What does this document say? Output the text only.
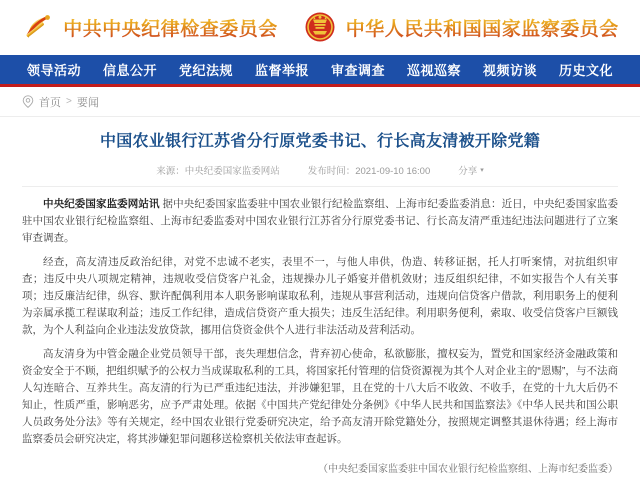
中共中央纪律检查委员会	中华人民共和国国家监察委员会
领导活动 信息公开 党纪法规 监督举报 审查调查 巡视巡察 视频访谈 历史文化
首页 > 要闻
中国农业银行江苏省分行原党委书记、行长高友清被开除党籍
来源：中央纪委国家监委网站	发布时间：2021-09-10 16:00	分享 ▾

中央纪委国家监委网站讯 据中央纪委国家监委驻中国农业银行纪检监察组、上海市纪委监委消息：近日，中央纪委国家监委驻中国农业银行纪检监察组、上海市纪委监委对中国农业银行江苏省分行原党委书记、行长高友清严重违纪违法问题进行了立案审查调查。

经查，高友清违反政治纪律，对党不忠诚不老实，表里不一，与他人串供，伪造、转移证据，托人打听案情，对抗组织审查；违反中央八项规定精神，违规收受信贷客户礼金，违规操办儿子婚宴并借机敛财；违反组织纪律，不如实报告个人有关事项；违反廉洁纪律，纵容、默许配偶利用本人职务影响谋取私利，违规从事营利活动，违规向信贷客户借款，利用职务上的便利为亲属承揽工程谋取利益；违反工作纪律，造成信贷资产重大损失；违反生活纪律。利用职务便利，索取、收受信贷客户巨额钱款，为个人利益向企业违法发放贷款，挪用信贷资金供个人进行非法活动及营利活动。

高友清身为中管金融企业党员领导干部，丧失理想信念，背弃初心使命，私欲膨胀，擅权妄为，置党和国家经济金融政策和资金安全于不顾，把组织赋予的公权力当成谋取私利的工具，将国家托付管理的信贷资源视为其个人对企业主的“恩赐”，与不法商人勾连暗合、互养共生。高友清的行为已严重违纪违法，并涉嫌犯罪，且在党的十八大后不收敛、不收手，在党的十九大后仍不知止，性质严重，影响恶劣，应予严肃处理。依据《中国共产党纪律处分条例》《中华人民共和国监察法》《中华人民共和国公职人员政务处分法》等有关规定，经中国农业银行党委研究决定，给予高友清开除党籍处分，按照规定调整其退休待遇；经上海市监察委员会研究决定，将其涉嫌犯罪问题移送检察机关依法审查起诉。

（中央纪委国家监委驻中国农业银行纪检监察组、上海市纪委监委）
